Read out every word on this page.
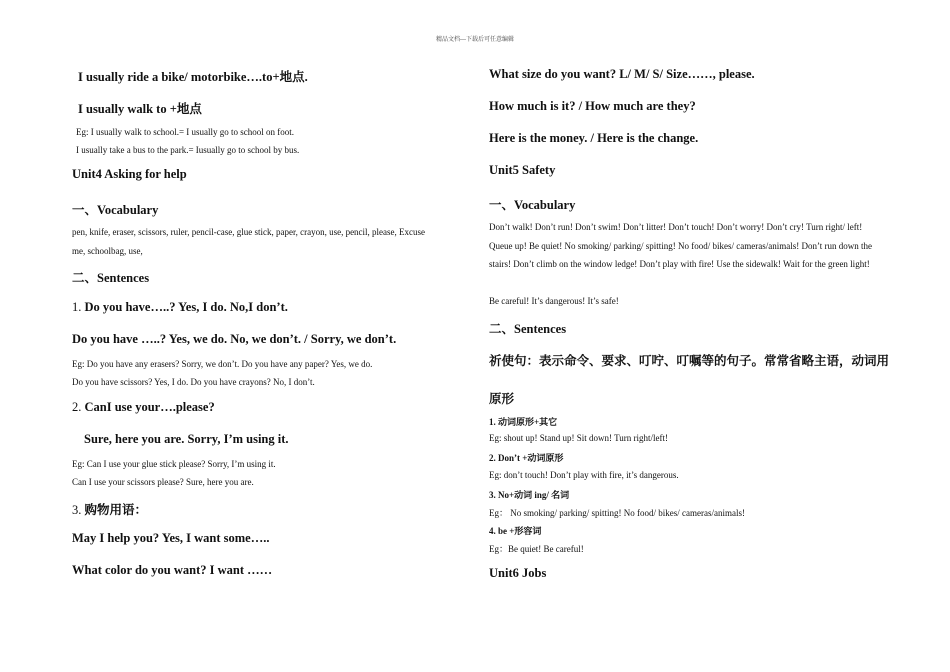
精品文档---下载后可任意编辑
I usually ride a bike/ motorbike….to+地点.
I usually walk to +地点
Eg: I usually walk to school.= I usually go to school on foot.
I usually take a bus to the park.= Iusually go to school by bus.
Unit4 Asking for help
一、Vocabulary
pen, knife, eraser, scissors, ruler, pencil-case, glue stick, paper, crayon, use, pencil, please, Excuse
me, schoolbag, use,
二、Sentences
1. Do you have…..? Yes, I do. No,I don’t.
Do you have …..? Yes, we do. No, we don’t. / Sorry, we don’t.
Eg: Do you have any erasers? Sorry, we don’t. Do you have any paper? Yes, we do.
Do you have scissors? Yes, I do. Do you have crayons? No, I don’t.
2. CanI use your….please?
Sure, here you are. Sorry, I’m using it.
Eg: Can I use your glue stick please? Sorry, I’m using it.
Can I use your scissors please? Sure, here you are.
3. 购物用语：
May I help you? Yes, I want some…..
What color do you want? I want ……
What size do you want? L/ M/ S/ Size……, please.
How much is it? / How much are they?
Here is the money. / Here is the change.
Unit5 Safety
一、Vocabulary
Don’t walk! Don’t run! Don’t swim! Don’t litter! Don’t touch! Don’t worry! Don’t cry! Turn right/ left! Queue up! Be quiet! No smoking/ parking/ spitting! No food/ bikes/ cameras/animals! Don’t run down the stairs! Don’t climb on the window ledge! Don’t play with fire! Use the sidewalk! Wait for the green light!
Be careful! It’s dangerous! It’s safe!
二、Sentences
祈使句：表示命令、要求、叮咛、叮嘱等的句子。常常省略主语，动词用
原形
1. 动词原形+其它
Eg: shout up! Stand up! Sit down! Turn right/left!
2. Don’t +动词原形
Eg: don’t touch! Don’t play with fire, it’s dangerous.
3. No+动词 ing/ 名词
Eg： No smoking/ parking/ spitting! No food/ bikes/ cameras/animals!
4. be +形容词
Eg：Be quiet! Be careful!
Unit6 Jobs
